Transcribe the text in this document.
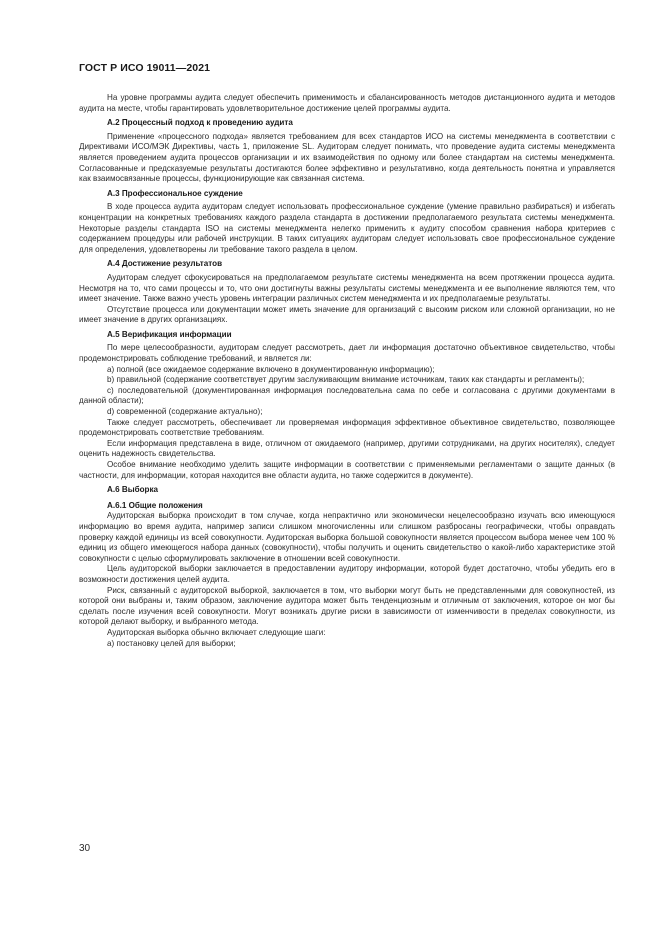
ГОСТ Р ИСО 19011—2021

На уровне программы аудита следует обеспечить применимость и сбалансированность методов дистанционного аудита и методов аудита на месте, чтобы гарантировать удовлетворительное достижение целей программы аудита.

А.2 Процессный подход к проведению аудита

Применение «процессного подхода» является требованием для всех стандартов ИСО на системы менеджмента в соответствии с Директивами ИСО/МЭК Директивы, часть 1, приложение SL. Аудиторам следует понимать, что проведение аудита системы менеджмента является проведением аудита процессов организации и их взаимодействия по одному или более стандартам на системы менеджмента. Согласованные и предсказуемые результаты достигаются более эффективно и результативно, когда деятельность понятна и управляется как взаимосвязанные процессы, функционирующие как связанная система.

А.3 Профессиональное суждение

В ходе процесса аудита аудиторам следует использовать профессиональное суждение (умение правильно разбираться) и избегать концентрации на конкретных требованиях каждого раздела стандарта в достижении предполагаемого результата системы менеджмента. Некоторые разделы стандарта ISO на системы менеджмента нелегко применить к аудиту способом сравнения набора критериев с содержанием процедуры или рабочей инструкции. В таких ситуациях аудиторам следует использовать свое профессиональное суждение для определения, удовлетворены ли требование такого раздела в целом.

А.4 Достижение результатов

Аудиторам следует сфокусироваться на предполагаемом результате системы менеджмента на всем протяжении процесса аудита. Несмотря на то, что сами процессы и то, что они достигнуты важны результаты системы менеджмента и ее выполнение являются тем, что имеет значение. Также важно учесть уровень интеграции различных систем менеджмента и их предполагаемые результаты.

Отсутствие процесса или документации может иметь значение для организаций с высоким риском или сложной организации, но не имеет значение в других организациях.

А.5 Верификация информации

По мере целесообразности, аудиторам следует рассмотреть, дает ли информация достаточно объективное свидетельство, чтобы продемонстрировать соблюдение требований, и является ли:

a) полной (все ожидаемое содержание включено в документированную информацию);

b) правильной (содержание соответствует другим заслуживающим внимание источникам, таких как стандарты и регламенты);

c) последовательной (документированная информация последовательна сама по себе и согласована с другими документами в данной области);

d) современной (содержание актуально);

Также следует рассмотреть, обеспечивает ли проверяемая информация эффективное объективное свидетельство, позволяющее продемонстрировать соответствие требованиям.

Если информация представлена в виде, отличном от ожидаемого (например, другими сотрудниками, на других носителях), следует оценить надежность свидетельства.

Особое внимание необходимо уделить защите информации в соответствии с применяемыми регламентами о защите данных (в частности, для информации, которая находится вне области аудита, но также содержится в документе).

А.6 Выборка
А.6.1 Общие положения

Аудиторская выборка происходит в том случае, когда непрактично или экономически нецелесообразно изучать всю имеющуюся информацию во время аудита, например записи слишком многочисленны или слишком разбросаны географически, чтобы оправдать проверку каждой единицы из всей совокупности. Аудиторская выборка большой совокупности является процессом выбора менее чем 100 % единиц из общего имеющегося набора данных (совокупности), чтобы получить и оценить свидетельство о какой-либо характеристике этой совокупности с целью сформулировать заключение в отношении всей совокупности.

Цель аудиторской выборки заключается в предоставлении аудитору информации, которой будет достаточно, чтобы убедить его в возможности достижения целей аудита.

Риск, связанный с аудиторской выборкой, заключается в том, что выборки могут быть не представленными для совокупностей, из которой они выбраны и, таким образом, заключение аудитора может быть тенденциозным и отличным от заключения, которое он мог бы сделать после изучения всей совокупности. Могут возникать другие риски в зависимости от изменчивости в пределах совокупности, из которой делают выборку, и выбранного метода.

Аудиторская выборка обычно включает следующие шаги:

a) постановку целей для выборки;

30
